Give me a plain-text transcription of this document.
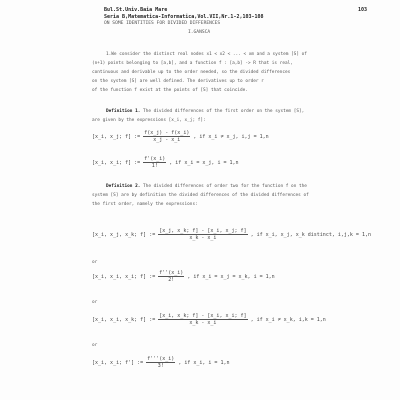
Bul.St.Univ.Baia Mare
Seria B,Matematica-Informatica,Vol.VII,Nr.1-2,103-108
103
ON SOME IDENTITIES FOR DIVIDED DIFFERENCES
I.GANSCA
1.We consider the distinct real nodes x1 < x2 < ... < xm and a system [S] of
(n+1) points belonging to [a,b], and a function f : [a,b] -> R that is real,
continuous and derivable up to the order needed, so the divided differences
on the system [S] are well defined. The derivatives up to order r
of the function f exist at the points of [S] that coincide.
Definition 1. The divided differences of the first order on the system [S],
are given by the expressions [x_i, x_j; f]:
[x_i, x_j; f] := $\frac{f(x\_j) - f(x\_i)}{x\_j - x\_i}$ , if x_i ≠ x_j, i,j = 1,n
[x_i, x_i; f] := $\frac{f'(x\_i)}{1!}$ , if x_i = x_j, i = 1,n
Definition 2. The divided differences of order two for the function f on the
system [S] are by definition the divided differences of the divided differences of
the first order, namely the expressions:
[x_i, x_j, x_k; f] := $\frac{[x\_j, x\_k; f] - [x\_i, x\_j; f]}{x\_k - x\_i}$ , if x_i, x_j, x_k distinct, i,j,k = 1,n
or
[x_i, x_i, x_i; f] := $\frac{f''(x\_i)}{2!}$ , if x_i = x_j = x_k, i = 1,n
or
[x_i, x_i, x_k; f] := $\frac{[x\_i, x\_k; f] - [x\_i, x\_i; f]}{x\_k - x\_i}$ , if x_i ≠ x_k, i,k = 1,n
or
[x_i, x_i; f'] := $\frac{f'''(x\_i)}{3!}$ , if x_i, i = 1,n
